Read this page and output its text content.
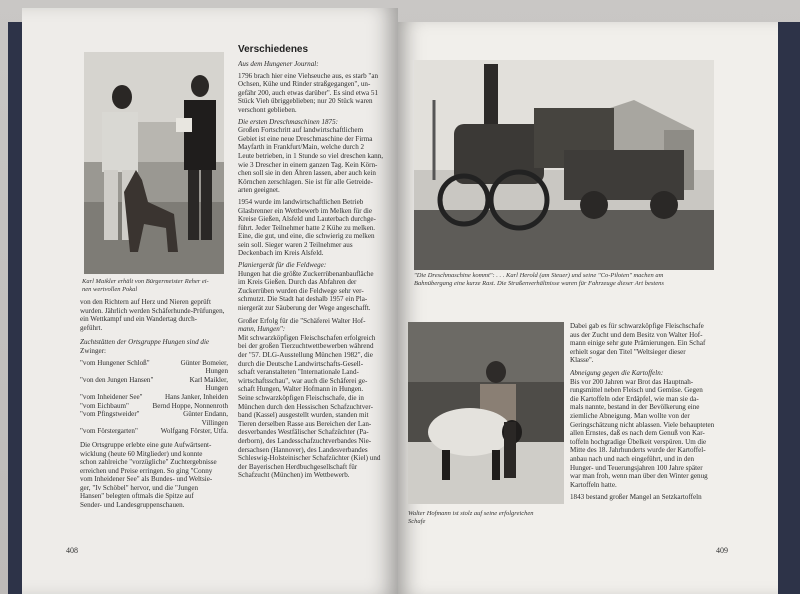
Karl Maikler erhält von Bürgermeister Reher ei-
nen wertvollen Pokal
von den Richtern auf Herz und Nieren geprüft
wurden. Jährlich werden Schäferhunde-Prüfungen,
ein Wettkampf und ein Wandertag durch-
geführt.
Zuchtstätten der Ortsgruppe Hungen sind die
Zwinger:
"vom Hungener Schloß"	Günter Bomeier,
Hungen
"von den Jungen Hansen"	Karl Maikler,
Hungen
"vom Inheidener See"	Hans Janker, Inheiden
"vom Eichbaum"	Bernd Hoppe, Nonnenroth
"vom Pfingstweider"	Günter Endann,
Villingen
"vom Förstergarten"	Wolfgang Förster, Utfa.
Die Ortsgruppe erlebte eine gute Aufwärtsent-
wicklung (heute 60 Mitglieder) und konnte
schon zahlreiche "vorzügliche" Zuchtergebnisse
erreichen und Preise erringen. So ging "Conny
vom Inheidener See" als Bundes- und Weltsie-
ger, "Iv Schöbel" hervor, und die "Jungen
Hansen" belegten oftmals die Spitze auf
Sender- und Landesgruppenschauen.
Verschiedenes
Aus dem Hungener Journal:
1796 brach hier eine Viehseuche aus, es starb "an
Ochsen, Kühe und Rinder straßgegangen", un-
gefähr 200, auch etwas darüber". Es sind etwa 51
Stück Vieh übriggeblieben; nur 20 Stück waren
verschont geblieben.
Die ersten Dreschmaschinen 1875:
Großen Fortschritt auf landwirtschaftlichem
Gebiet ist eine neue Dreschmaschine der Firma
Mayfarth in Frankfurt/Main, welche durch 2
Leute betrieben, in 1 Stunde so viel dreschen kann,
wie 3 Drescher in einem ganzen Tag. Kein Körn-
chen soll sie in den Ähren lassen, aber auch kein
Körnchen zerschlagen. Sie ist für alle Getreide-
arten geeignet.
1954 wurde im landwirtschaftlichen Betrieb
Glasbrenner ein Wettbewerb im Melken für die
Kreise Gießen, Alsfeld und Lauterbach durchge-
führt. Jeder Teilnehmer hatte 2 Kühe zu melken.
Eine, die gut, und eine, die schwierig zu melken
sein soll. Sieger waren 2 Teilnehmer aus
Deckenbach im Kreis Alsfeld.
Planiergerät für die Feldwege:
Hungen hat die größte Zuckerrübenanbaufläche
im Kreis Gießen. Durch das Abfahren der
Zuckerrüben wurden die Feldwege sehr ver-
schmutzt. Die Stadt hat deshalb 1957 ein Pla-
niergerät zur Säuberung der Wege angeschafft.
Großer Erfolg für die "Schäferei Walter Hof-
mann, Hungen":
Mit schwarzköpfigen Fleischschafen erfolgreich
bei der großen Tierzuchtwettbewerben während
der "57. DLG-Ausstellung München 1982", die
durch die Deutsche Landwirtschafts-Gesell-
schaft veranstalteten "Internationale Land-
wirtschaftsschau", war auch die Schäferei ge-
schaft Hungen, Walter Hofmann in Hungen.
Seine schwarzköpfigen Fleischschafe, die in
München durch den Hessischen Schafzuchtver-
band (Kassel) ausgestellt wurden, standen mit
Tieren derselben Rasse aus Bereichen der Lan-
desverbandes Westfälischer Schafzüchter (Pa-
derborn), des Landesschafzuchtverbandes Nie-
dersachsen (Hannover), des Landesverbandes
Schleswig-Holsteinischer Schafzüchter (Kiel) und
der Bayerischen Herdbuchgesellschaft für
Schafzucht (München) im Wettbewerb.
408
"Die Dreschmaschine kommt": . . . Karl Herold (am Steuer) und seine "Co-Piloten" machen am
Bahnübergang eine kurze Rast. Die Straßenverhältnisse waren für Fahrzeuge dieser Art bestens
Walter Hofmann ist stolz auf seine erfolgreichen
Schafe
Dabei gab es für schwarzköpfige Fleischschafe
aus der Zucht und dem Besitz von Walter Hof-
mann einige sehr gute Prämierungen. Ein Schaf
erhielt sogar den Titel "Weltsieger dieser
Klasse".
Abneigung gegen die Kartoffeln:
Bis vor 200 Jahren war Brot das Hauptnah-
rungsmittel neben Fleisch und Gemüse. Gegen
die Kartoffeln oder Erdäpfel, wie man sie da-
mals nannte, bestand in der Bevölkerung eine
ziemliche Abneigung. Man wollte von der
Geringschätzung nicht ablassen. Viele behaupteten
allen Ernstes, daß es nach dem Genuß von Kar-
toffeln hochgradige Übelkeit verspüren. Um die
Mitte des 18. Jahrhunderts wurde der Kartoffel-
anbau nach und nach eingeführt, und in den
Hunger- und Teuerungsjahren 100 Jahre später
war man froh, wenn man über den Winter genug
Kartoffeln hatte.
1843 bestand großer Mangel an Setzkartoffeln
409
